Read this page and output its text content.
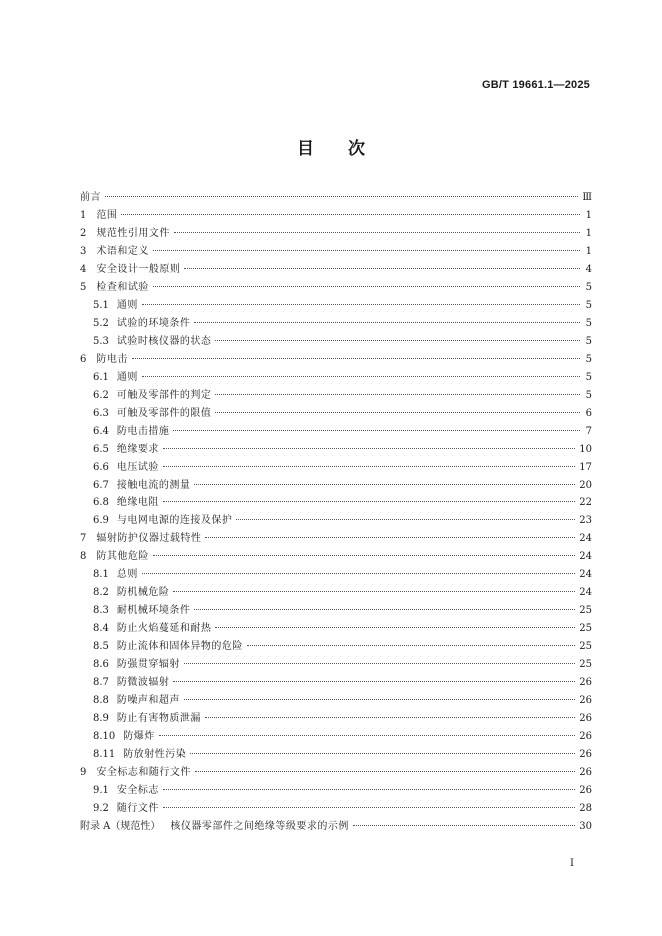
GB/T 19661.1—2025
目 次
前言	Ⅲ
1 范围	1
2 规范性引用文件	1
3 术语和定义	1
4 安全设计一般原则	4
5 检查和试验	5
5.1 通则	5
5.2 试验的环境条件	5
5.3 试验时核仪器的状态	5
6 防电击	5
6.1 通则	5
6.2 可触及零部件的判定	5
6.3 可触及零部件的限值	6
6.4 防电击措施	7
6.5 绝缘要求	10
6.6 电压试验	17
6.7 接触电流的测量	20
6.8 绝缘电阻	22
6.9 与电网电源的连接及保护	23
7 辐射防护仪器过载特性	24
8 防其他危险	24
8.1 总则	24
8.2 防机械危险	24
8.3 耐机械环境条件	25
8.4 防止火焰蔓延和耐热	25
8.5 防止流体和固体异物的危险	25
8.6 防强贯穿辐射	25
8.7 防微波辐射	26
8.8 防噪声和超声	26
8.9 防止有害物质泄漏	26
8.10 防爆炸	26
8.11 防放射性污染	26
9 安全标志和随行文件	26
9.1 安全标志	26
9.2 随行文件	28
附录 A（规范性） 核仪器零部件之间绝缘等级要求的示例	30
I
